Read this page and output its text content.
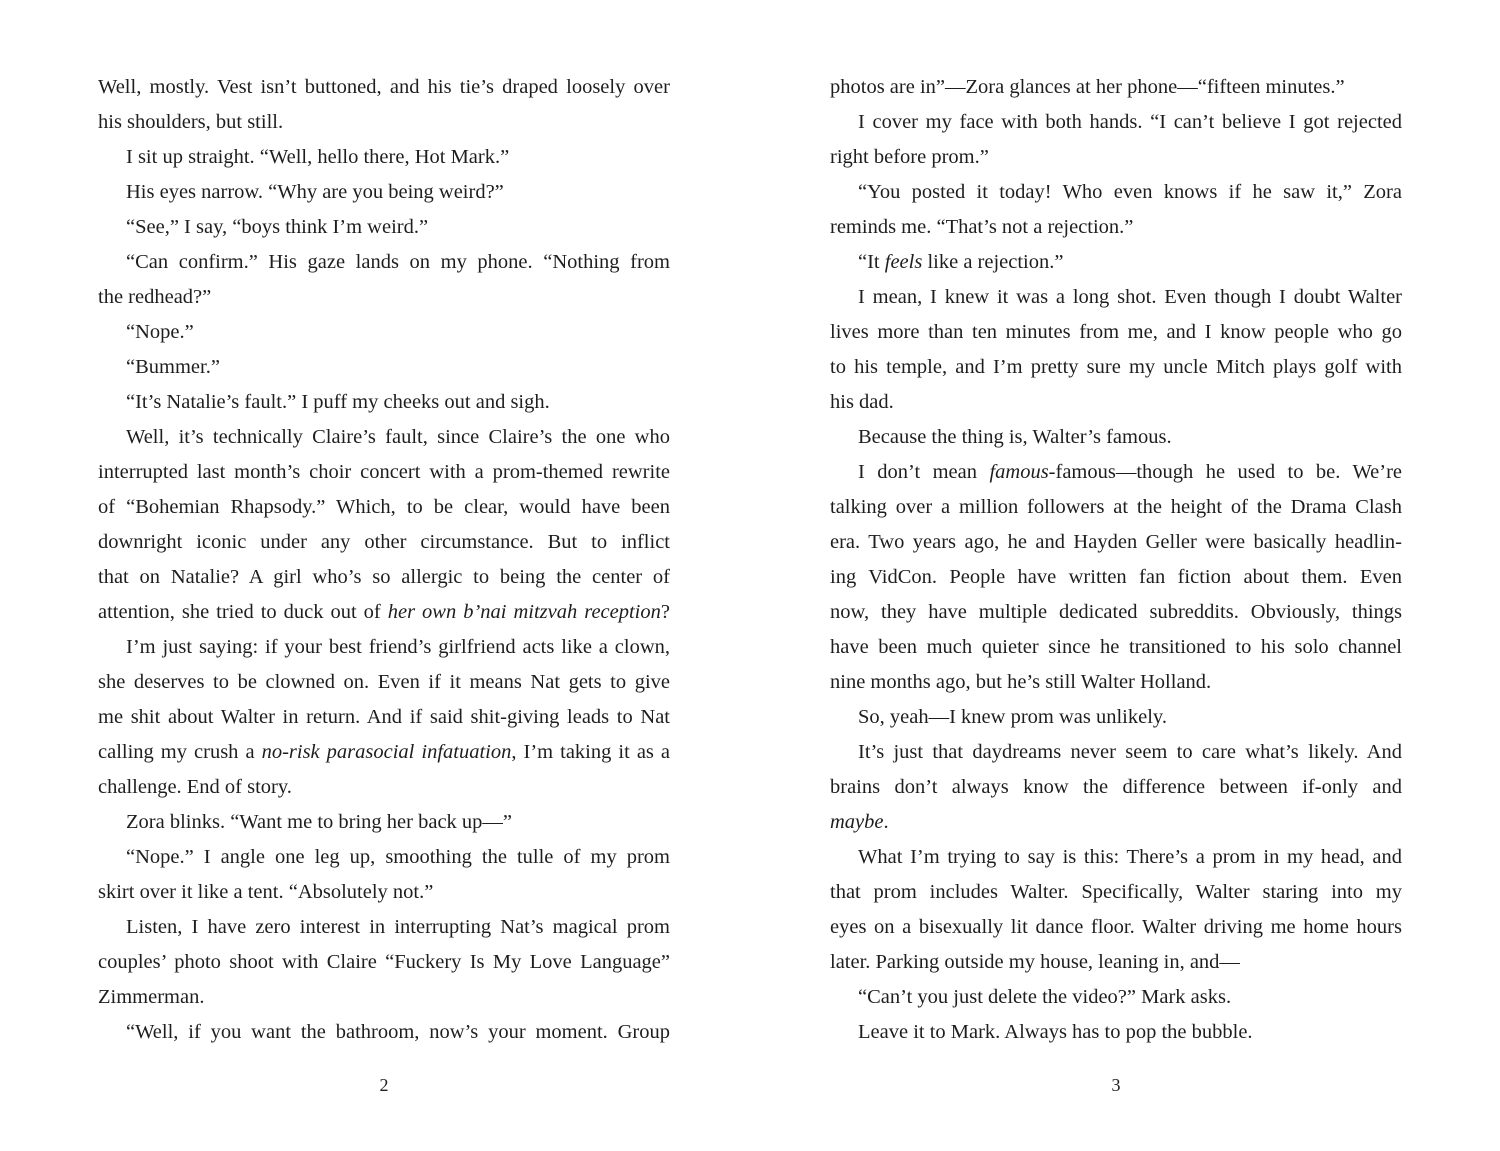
Well, mostly. Vest isn’t buttoned, and his tie’s draped loosely over
his shoulders, but still.
I sit up straight. “Well, hello there, Hot Mark.”
His eyes narrow. “Why are you being weird?”
“See,” I say, “boys think I’m weird.”
“Can confirm.” His gaze lands on my phone. “Nothing from
the redhead?”
“Nope.”
“Bummer.”
“It’s Natalie’s fault.” I puff my cheeks out and sigh.
Well, it’s technically Claire’s fault, since Claire’s the one who
interrupted last month’s choir concert with a prom-themed rewrite
of “Bohemian Rhapsody.” Which, to be clear, would have been
downright iconic under any other circumstance. But to inflict
that on Natalie? A girl who’s so allergic to being the center of
attention, she tried to duck out of her own b’nai mitzvah reception?
I’m just saying: if your best friend’s girlfriend acts like a clown,
she deserves to be clowned on. Even if it means Nat gets to give
me shit about Walter in return. And if said shit-giving leads to Nat
calling my crush a no-risk parasocial infatuation, I’m taking it as a
challenge. End of story.
Zora blinks. “Want me to bring her back up—”
“Nope.” I angle one leg up, smoothing the tulle of my prom
skirt over it like a tent. “Absolutely not.”
Listen, I have zero interest in interrupting Nat’s magical prom
couples’ photo shoot with Claire “Fuckery Is My Love Language”
Zimmerman.
“Well, if you want the bathroom, now’s your moment. Group
2
photos are in”—Zora glances at her phone—“fifteen minutes.”
I cover my face with both hands. “I can’t believe I got rejected
right before prom.”
“You posted it today! Who even knows if he saw it,” Zora
reminds me. “That’s not a rejection.”
“It feels like a rejection.”
I mean, I knew it was a long shot. Even though I doubt Walter
lives more than ten minutes from me, and I know people who go
to his temple, and I’m pretty sure my uncle Mitch plays golf with
his dad.
Because the thing is, Walter’s famous.
I don’t mean famous-famous—though he used to be. We’re
talking over a million followers at the height of the Drama Clash
era. Two years ago, he and Hayden Geller were basically headlin-
ing VidCon. People have written fan fiction about them. Even
now, they have multiple dedicated subreddits. Obviously, things
have been much quieter since he transitioned to his solo channel
nine months ago, but he’s still Walter Holland.
So, yeah—I knew prom was unlikely.
It’s just that daydreams never seem to care what’s likely. And
brains don’t always know the difference between if-only and
maybe.
What I’m trying to say is this: There’s a prom in my head, and
that prom includes Walter. Specifically, Walter staring into my
eyes on a bisexually lit dance floor. Walter driving me home hours
later. Parking outside my house, leaning in, and—
“Can’t you just delete the video?” Mark asks.
Leave it to Mark. Always has to pop the bubble.
3
